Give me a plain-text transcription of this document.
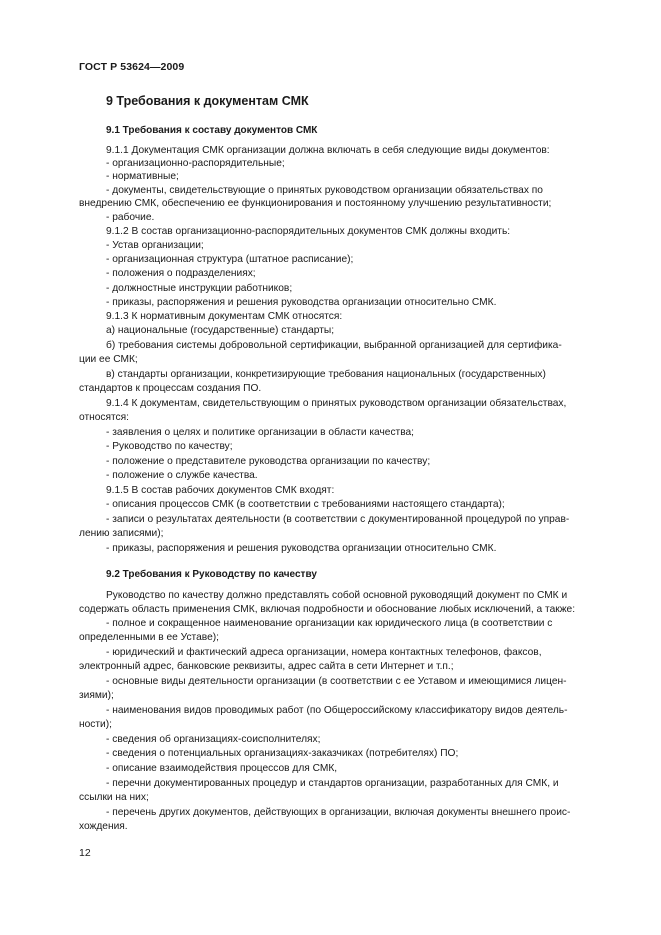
ГОСТ Р 53624—2009
9 Требования к документам СМК
9.1 Требования к составу документов СМК
9.1.1 Документация СМК организации должна включать в себя следующие виды документов:
- организационно-распорядительные;
- нормативные;
- документы, свидетельствующие о принятых руководством организации обязательствах по
внедрению СМК, обеспечению ее функционирования и постоянному улучшению результативности;
- рабочие.
9.1.2 В состав организационно-распорядительных документов СМК должны входить:
- Устав организации;
- организационная структура (штатное расписание);
- положения о подразделениях;
- должностные инструкции работников;
- приказы, распоряжения и решения руководства организации относительно СМК.
9.1.3 К нормативным документам СМК относятся:
а) национальные (государственные) стандарты;
б) требования системы добровольной сертификации, выбранной организацией для сертифика-
ции ее СМК;
в) стандарты организации, конкретизирующие требования национальных (государственных)
стандартов к процессам создания ПО.
9.1.4 К документам, свидетельствующим о принятых руководством организации обязательствах,
относятся:
- заявления о целях и политике организации в области качества;
- Руководство по качеству;
- положение о представителе руководства организации по качеству;
- положение о службе качества.
9.1.5 В состав рабочих документов СМК входят:
- описания процессов СМК (в соответствии с требованиями настоящего стандарта);
- записи о результатах деятельности (в соответствии с документированной процедурой по управ-
лению записями);
- приказы, распоряжения и решения руководства организации относительно СМК.
9.2 Требования к Руководству по качеству
Руководство по качеству должно представлять собой основной руководящий документ по СМК и
содержать область применения СМК, включая подробности и обоснование любых исключений, а также:
- полное и сокращенное наименование организации как юридического лица (в соответствии с
определенными в ее Уставе);
- юридический и фактический адреса организации, номера контактных телефонов, факсов,
электронный адрес, банковские реквизиты, адрес сайта в сети Интернет и т.п.;
- основные виды деятельности организации (в соответствии с ее Уставом и имеющимися лицен-
зиями);
- наименования видов проводимых работ (по Общероссийскому классификатору видов деятель-
ности);
- сведения об организациях-соисполнителях;
- сведения о потенциальных организациях-заказчиках (потребителях) ПО;
- описание взаимодействия процессов для СМК,
- перечни документированных процедур и стандартов организации, разработанных для СМК, и
ссылки на них;
- перечень других документов, действующих в организации, включая документы внешнего проис-
хождения.
12
